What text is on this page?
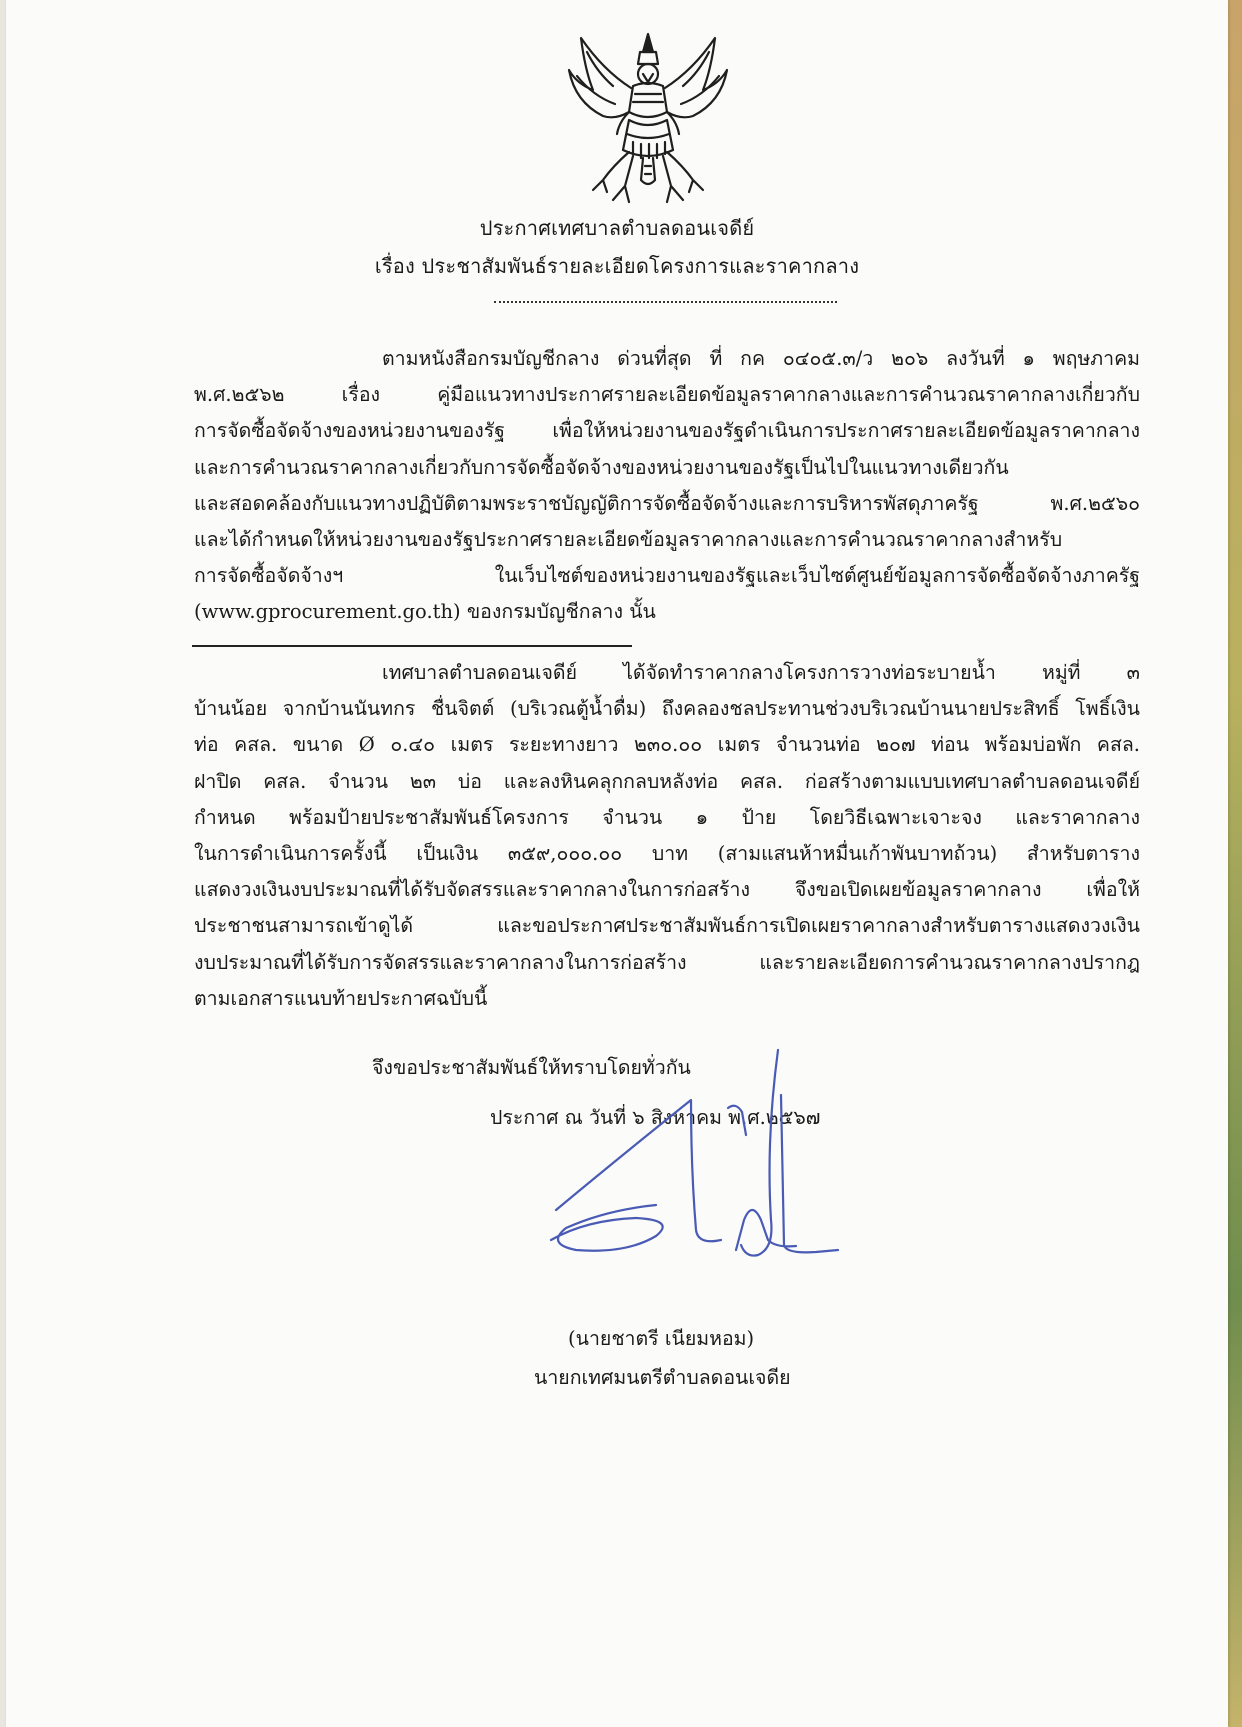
ประกาศเทศบาลตำบลดอนเจดีย์
เรื่อง ประชาสัมพันธ์รายละเอียดโครงการและราคากลาง
ตามหนังสือกรมบัญชีกลาง ด่วนที่สุด ที่ กค ๐๔๐๕.๓/ว ๒๐๖ ลงวันที่ ๑ พฤษภาคม
พ.ศ.๒๕๖๒ เรื่อง คู่มือแนวทางประกาศรายละเอียดข้อมูลราคากลางและการคำนวณราคากลางเกี่ยวกับ
การจัดซื้อจัดจ้างของหน่วยงานของรัฐ เพื่อให้หน่วยงานของรัฐดำเนินการประกาศรายละเอียดข้อมูลราคากลาง
และการคำนวณราคากลางเกี่ยวกับการจัดซื้อจัดจ้างของหน่วยงานของรัฐเป็นไปในแนวทางเดียวกัน
และสอดคล้องกับแนวทางปฏิบัติตามพระราชบัญญัติการจัดซื้อจัดจ้างและการบริหารพัสดุภาครัฐ พ.ศ.๒๕๖๐
และได้กำหนดให้หน่วยงานของรัฐประกาศรายละเอียดข้อมูลราคากลางและการคำนวณราคากลางสำหรับ
การจัดซื้อจัดจ้างฯ ในเว็บไซต์ของหน่วยงานของรัฐและเว็บไซต์ศูนย์ข้อมูลการจัดซื้อจัดจ้างภาครัฐ
(www.gprocurement.go.th) ของกรมบัญชีกลาง นั้น
เทศบาลตำบลดอนเจดีย์ ได้จัดทำราคากลางโครงการวางท่อระบายน้ำ หมู่ที่ ๓
บ้านน้อย จากบ้านนันทกร ชื่นจิตต์ (บริเวณตู้น้ำดื่ม) ถึงคลองชลประทานช่วงบริเวณบ้านนายประสิทธิ์ โพธิ์เงิน
ท่อ คสล. ขนาด Ø ๐.๔๐ เมตร ระยะทางยาว ๒๓๐.๐๐ เมตร จำนวนท่อ ๒๐๗ ท่อน พร้อมบ่อพัก คสล.
ฝาปิด คสล. จำนวน ๒๓ บ่อ และลงหินคลุกกลบหลังท่อ คสล. ก่อสร้างตามแบบเทศบาลตำบลดอนเจดีย์
กำหนด พร้อมป้ายประชาสัมพันธ์โครงการ จำนวน ๑ ป้าย โดยวิธีเฉพาะเจาะจง และราคากลาง
ในการดำเนินการครั้งนี้ เป็นเงิน ๓๕๙,๐๐๐.๐๐ บาท (สามแสนห้าหมื่นเก้าพันบาทถ้วน) สำหรับตาราง
แสดงวงเงินงบประมาณที่ได้รับจัดสรรและราคากลางในการก่อสร้าง จึงขอเปิดเผยข้อมูลราคากลาง เพื่อให้
ประชาชนสามารถเข้าดูได้ และขอประกาศประชาสัมพันธ์การเปิดเผยราคากลางสำหรับตารางแสดงวงเงิน
งบประมาณที่ได้รับการจัดสรรและราคากลางในการก่อสร้าง และรายละเอียดการคำนวณราคากลางปรากฎ
ตามเอกสารแนบท้ายประกาศฉบับนี้
จึงขอประชาสัมพันธ์ให้ทราบโดยทั่วกัน
ประกาศ ณ วันที่ ๖ สิงหาคม พ.ศ.๒๕๖๗
(นายชาตรี เนียมหอม)
นายกเทศมนตรีตำบลดอนเจดีย
